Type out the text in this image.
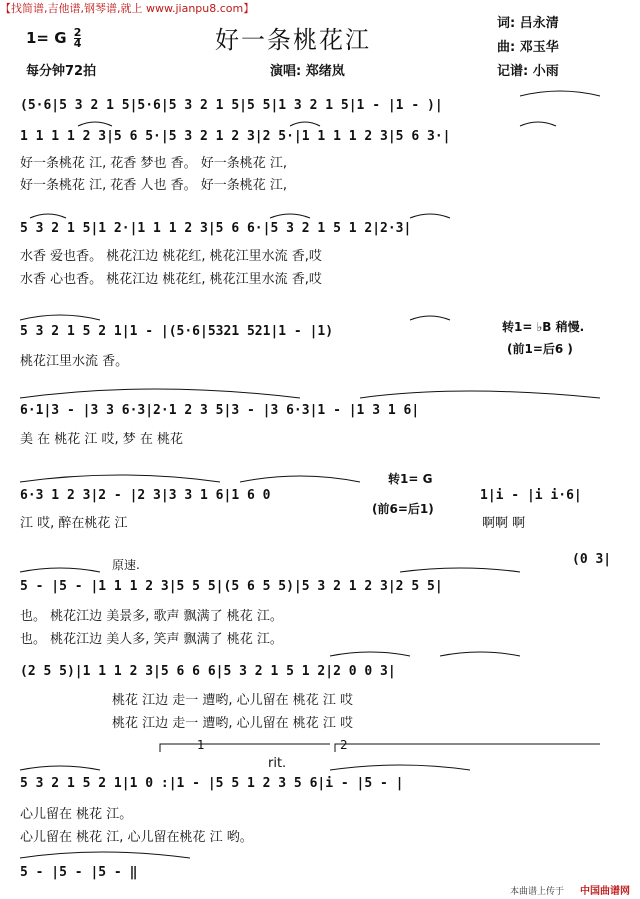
【找简谱,吉他谱,钢琴谱,就上 www.jianpu8.com】
1= G $\frac{2}{4}$	好一条桃花江
词: 吕永清
曲: 邓玉华
每分钟72拍	演唱: 郑绪岚	记谱: 小雨
(5·6|5 3 2 1 5|5·6|5 3 2 1 5|5 5|1 3 2 1 5|1 - |1 - )|
1 1 1 1 2 3|5 6 5·|5 3 2 1 2 3|2 5·|1 1 1 1 2 3|5 6 3·|
好一条桃花 江, 花香 梦也 香。 好一条桃花 江,
好一条桃花 江, 花香 人也 香。 好一条桃花 江,
5 3 2 1 5|1 2·|1 1 1 2 3|5 6 6·|5 3 2 1 5 1 2|2·3|
水香 爱也香。 桃花江边 桃花红, 桃花江里水流 香,哎
水香 心也香。 桃花江边 桃花红, 桃花江里水流 香,哎
5 3 2 1 5 2 1|1 - |(5·6|5321 521|1 - |1)
桃花江里水流 香。
转1= ♭B 稍慢.
(前1=后6 )
6·1|3 - |3 3 6·3|2·1 2 3 5|3 - |3 6·3|1 - |1 3 1 6|
美 在 桃花 江 哎, 梦 在 桃花
6·3 1 2 3|2 - |2 3|3 3 1 6|1 6 0	1|i - |i i·6|
江 哎, 醉在桃花 江	啊啊 啊
转1= G
(前6=后1)
原速.	(0 3|
5 - |5 - |1 1 1 2 3|5 5 5|(5 6 5 5)|5 3 2 1 2 3|2 5 5|
也。 桃花江边 美景多, 歌声 飘满了 桃花 江。
也。 桃花江边 美人多, 笑声 飘满了 桃花 江。
(2 5 5)|1 1 1 2 3|5 6 6 6|5 3 2 1 5 1 2|2 0 0 3|
桃花 江边 走一 遭哟, 心儿留在 桃花 江 哎
桃花 江边 走一 遭哟, 心儿留在 桃花 江 哎
1	2
rit.
5 3 2 1 5 2 1|1 0 :|1 - |5 5 1 2 3 5 6|i - |5 - |
心儿留在 桃花 江。
心儿留在 桃花 江, 心儿留在桃花 江 哟。
5 - |5 - |5 - ‖
本曲谱上传于 中国曲谱网
